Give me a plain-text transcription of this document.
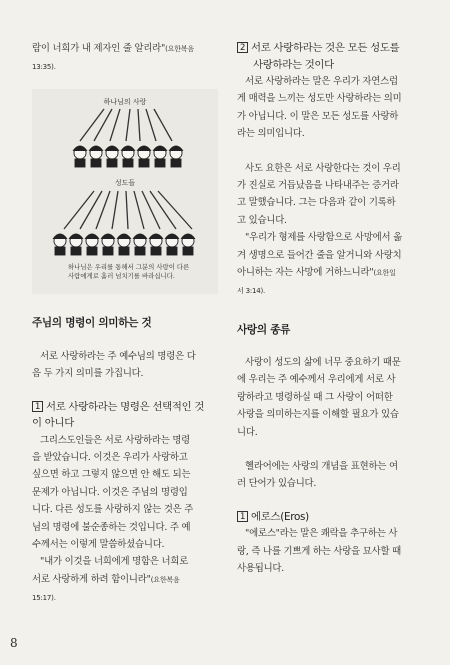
람이 너희가 내 제자인 줄 알리라"(요한복음
13:35).
하나님의 사랑
성도들
하나님은 우리를 통해서 그분의 사랑이 다른
사람에게로 흘러 넘치기를 바라십니다.
주님의 명령이 의미하는 것
서로 사랑하라는 주 예수님의 명령은 다
음 두 가지 의미를 가집니다.
1 서로 사랑하라는 명령은 선택적인 것
이 아니다
그리스도인들은 서로 사랑하라는 명령
을 받았습니다. 이것은 우리가 사랑하고
싶으면 하고 그렇지 않으면 안 해도 되는
문제가 아닙니다. 이것은 주님의 명령입
니다. 다른 성도를 사랑하지 않는 것은 주
님의 명령에 불순종하는 것입니다. 주 예
수께서는 이렇게 말씀하셨습니다.
"내가 이것을 너희에게 명함은 너희로
서로 사랑하게 하려 함이니라"(요한복음
15:17).
2 서로 사랑하라는 것은 모든 성도를
사랑하라는 것이다
서로 사랑하라는 말은 우리가 자연스럽
게 매력을 느끼는 성도만 사랑하라는 의미
가 아닙니다. 이 말은 모든 성도를 사랑하
라는 의미입니다.
사도 요한은 서로 사랑한다는 것이 우리
가 진실로 거듭났음을 나타내주는 증거라
고 말했습니다. 그는 다음과 같이 기록하
고 있습니다.
"우리가 형제를 사랑함으로 사망에서 옮
겨 생명으로 들어간 줄을 알거니와 사랑치
아니하는 자는 사망에 거하느니라"(요한일
서 3:14).
사랑의 종류
사랑이 성도의 삶에 너무 중요하기 때문
에 우리는 주 예수께서 우리에게 서로 사
랑하라고 명령하실 때 그 사랑이 어떠한
사랑을 의미하는지를 이해할 필요가 있습
니다.
헬라어에는 사랑의 개념을 표현하는 여
러 단어가 있습니다.
1 에로스(Eros)
"에로스"라는 말은 쾌락을 추구하는 사
랑, 즉 나를 기쁘게 하는 사랑을 묘사할 때
사용됩니다.
8
